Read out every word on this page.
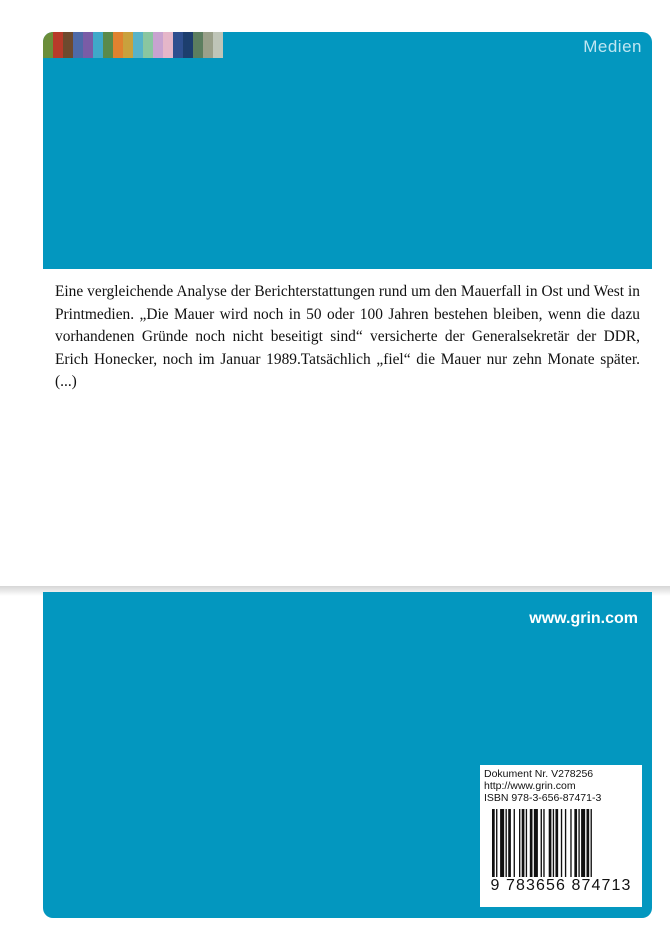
Medien

Eine vergleichende Analyse der Berichterstattungen rund um den Mauerfall in Ost und West in Printmedien. „Die Mauer wird noch in 50 oder 100 Jahren bestehen bleiben, wenn die dazu vorhandenen Gründe noch nicht beseitigt sind“ versicherte der Generalsekretär der DDR, Erich Honecker, noch im Januar 1989.Tatsächlich „fiel“ die Mauer nur zehn Monate später. (...)

www.grin.com
Dokument Nr. V278256
http://www.grin.com
ISBN 978-3-656-87471-3
9 783656 874713
